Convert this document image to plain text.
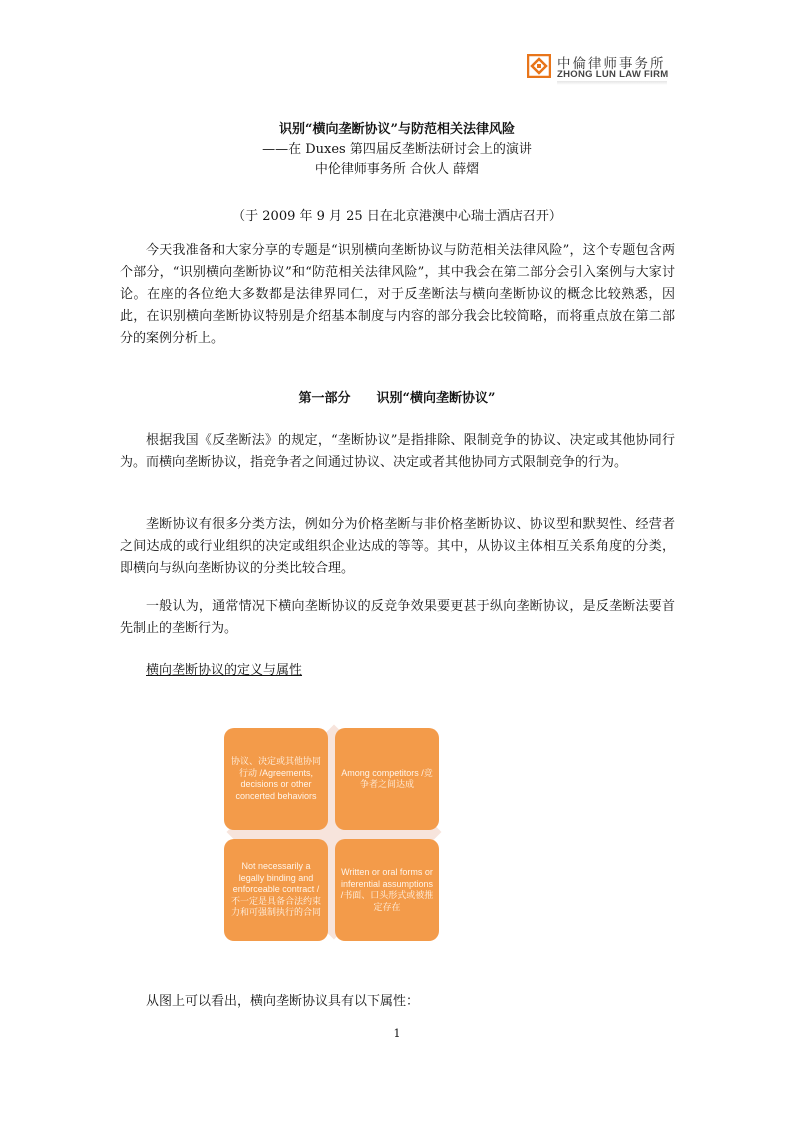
中倫律师事务所
ZHONG LUN LAW FIRM
识别“横向垄断协议”与防范相关法律风险
——在 Duxes 第四届反垄断法研讨会上的演讲
中伦律师事务所 合伙人 薛熠
（于 2009 年 9 月 25 日在北京港澳中心瑞士酒店召开）
今天我准备和大家分享的专题是“识别横向垄断协议与防范相关法律风险”，这个专题包含两个部分，“识别横向垄断协议”和“防范相关法律风险”，其中我会在第二部分会引入案例与大家讨论。在座的各位绝大多数都是法律界同仁，对于反垄断法与横向垄断协议的概念比较熟悉，因此，在识别横向垄断协议特别是介绍基本制度与内容的部分我会比较简略，而将重点放在第二部分的案例分析上。
第一部分 识别“横向垄断协议”
根据我国《反垄断法》的规定，“垄断协议”是指排除、限制竞争的协议、决定或其他协同行为。而横向垄断协议，指竞争者之间通过协议、决定或者其他协同方式限制竞争的行为。
垄断协议有很多分类方法，例如分为价格垄断与非价格垄断协议、协议型和默契性、经营者之间达成的或行业组织的决定或组织企业达成的等等。其中，从协议主体相互关系角度的分类，即横向与纵向垄断协议的分类比较合理。
一般认为，通常情况下横向垄断协议的反竞争效果要更甚于纵向垄断协议，是反垄断法要首先制止的垄断行为。
横向垄断协议的定义与属性
协议、决定或其他协同行动 /Agreements, decisions or other concerted behaviors
Among competitors /竞争者之间达成
Not necessarily a legally binding and enforceable contract /不一定是具备合法约束力和可强制执行的合同
Written or oral forms or inferential assumptions /书面、口头形式或被推定存在
从图上可以看出，横向垄断协议具有以下属性：
1
